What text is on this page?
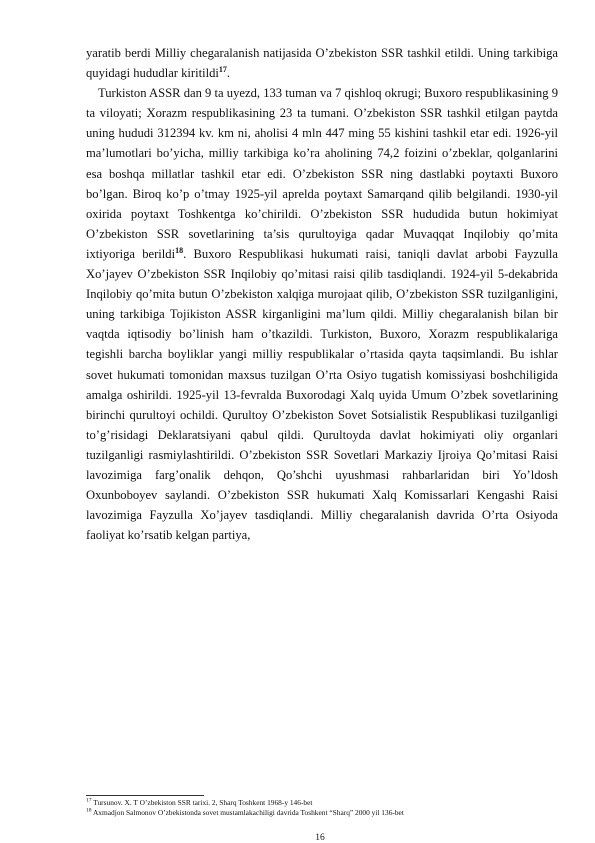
yaratib berdi Milliy chegaralanish natijasida O’zbekiston SSR tashkil etildi. Uning tarkibiga quyidagi hududlar kiritildi$^{17}$.

Turkiston ASSR dan 9 ta uyezd, 133 tuman va 7 qishloq okrugi; Buxoro respublikasining 9 ta viloyati; Xorazm respublikasining 23 ta tumani. O’zbekiston SSR tashkil etilgan paytda uning hududi 312394 kv. km ni, aholisi 4 mln 447 ming 55 kishini tashkil etar edi. 1926-yil ma’lumotlari bo’yicha, milliy tarkibiga ko’ra aholining 74,2 foizini o’zbeklar, qolganlarini esa boshqa millatlar tashkil etar edi. O’zbekiston SSR ning dastlabki poytaxti Buxoro bo’lgan. Biroq ko’p o’tmay 1925-yil aprelda poytaxt Samarqand qilib belgilandi. 1930-yil oxirida poytaxt Toshkentga ko’chirildi. O’zbekiston SSR hududida butun hokimiyat O’zbekiston SSR sovetlarining ta’sis qurultoyiga qadar Muvaqqat Inqilobiy qo’mita ixtiyoriga berildi$^{18}$. Buxoro Respublikasi hukumati raisi, taniqli davlat arbobi Fayzulla Xo’jayev O’zbekiston SSR Inqilobiy qo’mitasi raisi qilib tasdiqlandi. 1924-yil 5-dekabrida Inqilobiy qo’mita butun O’zbekiston xalqiga murojaat qilib, O’zbekiston SSR tuzilganligini, uning tarkibiga Tojikiston ASSR kirganligini ma’lum qildi. Milliy chegaralanish bilan bir vaqtda iqtisodiy bo’linish ham o’tkazildi. Turkiston, Buxoro, Xorazm respublikalariga tegishli barcha boyliklar yangi milliy respublikalar o’rtasida qayta taqsimlandi. Bu ishlar sovet hukumati tomonidan maxsus tuzilgan O’rta Osiyo tugatish komissiyasi boshchiligida amalga oshirildi. 1925-yil 13-fevralda Buxorodagi Xalq uyida Umum O’zbek sovetlarining birinchi qurultoyi ochildi. Qurultoy O’zbekiston Sovet Sotsialistik Respublikasi tuzilganligi to’g’risidagi Deklaratsiyani qabul qildi. Qurultoyda davlat hokimiyati oliy organlari tuzilganligi rasmiylashtirildi. O’zbekiston SSR Sovetlari Markaziy Ijroiya Qo’mitasi Raisi lavozimiga farg’onalik dehqon, Qo’shchi uyushmasi rahbarlaridan biri Yo’ldosh Oxunboboyev saylandi. O’zbekiston SSR hukumati Xalq Komissarlari Kengashi Raisi lavozimiga Fayzulla Xo’jayev tasdiqlandi. Milliy chegaralanish davrida O’rta Osiyoda faoliyat ko’rsatib kelgan partiya,

$^{17}$ Tursunov. X. T O’zbekiston SSR tarixi. 2, Sharq Toshkent 1968-y 146-bet
$^{18}$ Axmadjon Salmonov O’zbekistonda sovet mustamlakachiligi davrida Toshkent “Sharq” 2000 yil 136-bet
16
